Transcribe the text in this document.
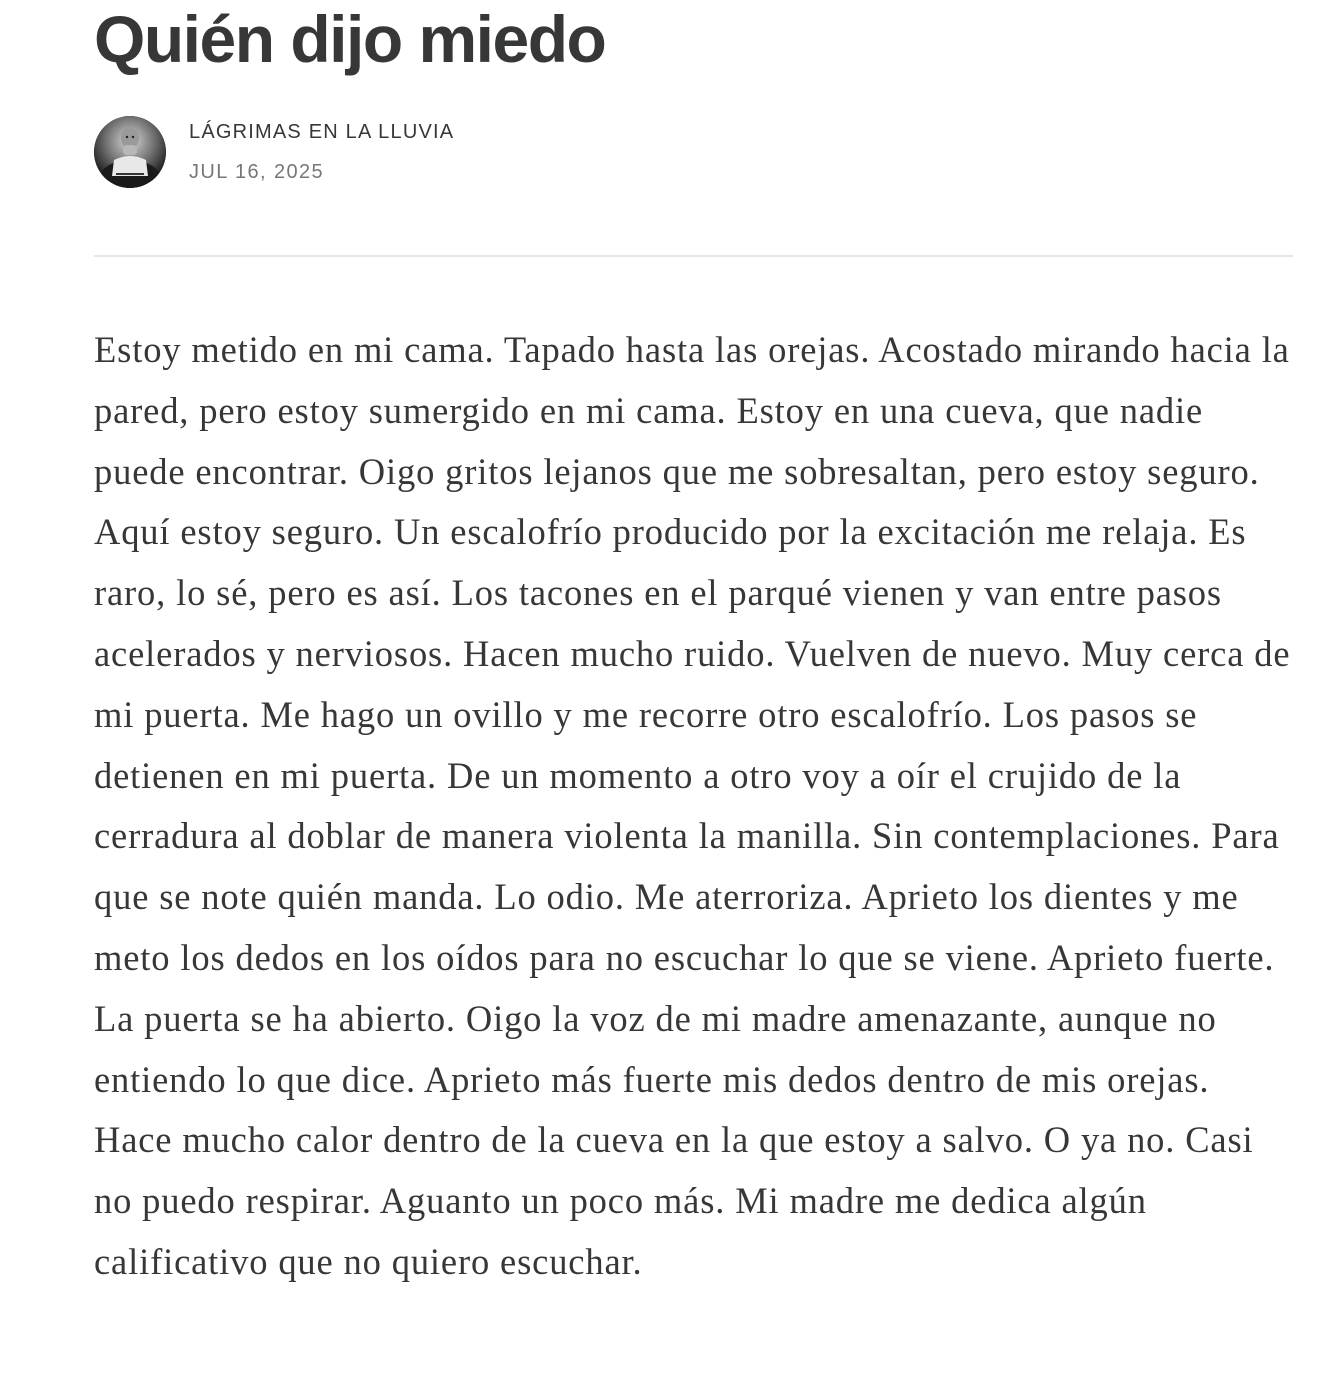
Quién dijo miedo
LÁGRIMAS EN LA LLUVIA
JUL 16, 2025

Estoy metido en mi cama. Tapado hasta las orejas. Acostado mirando hacia la pared, pero estoy sumergido en mi cama. Estoy en una cueva, que nadie puede encontrar. Oigo gritos lejanos que me sobresaltan, pero estoy seguro. Aquí estoy seguro. Un escalofrío producido por la excitación me relaja. Es raro, lo sé, pero es así. Los tacones en el parqué vienen y van entre pasos acelerados y nerviosos. Hacen mucho ruido. Vuelven de nuevo. Muy cerca de mi puerta. Me hago un ovillo y me recorre otro escalofrío. Los pasos se detienen en mi puerta. De un momento a otro voy a oír el crujido de la cerradura al doblar de manera violenta la manilla. Sin contemplaciones. Para que se note quién manda. Lo odio. Me aterroriza. Aprieto los dientes y me meto los dedos en los oídos para no escuchar lo que se viene. Aprieto fuerte. La puerta se ha abierto. Oigo la voz de mi madre amenazante, aunque no entiendo lo que dice. Aprieto más fuerte mis dedos dentro de mis orejas. Hace mucho calor dentro de la cueva en la que estoy a salvo. O ya no. Casi no puedo respirar. Aguanto un poco más. Mi madre me dedica algún calificativo que no quiero escuchar.
